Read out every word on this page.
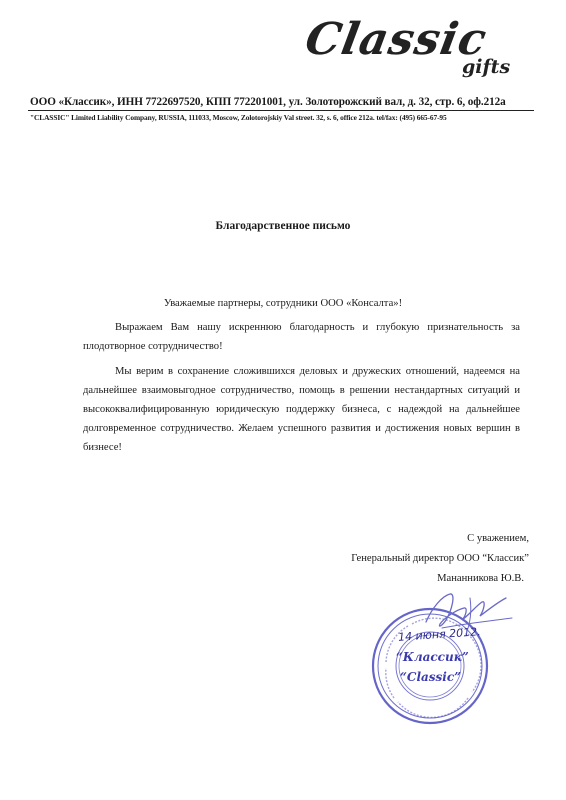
Classic
gifts
ООО «Классик», ИНН 7722697520, КПП 772201001, ул. Золоторожский вал, д. 32, стр. 6, оф.212а
"CLASSIC" Limited Liability Company, RUSSIA, 111033, Moscow, Zolotorojskiy Val street. 32, s. 6, office 212a. tel/fax: (495) 665-67-95
Благодарственное письмо
Уважаемые партнеры, сотрудники ООО «Консалта»!
Выражаем Вам нашу искреннюю благодарность и глубокую признательность за плодотворное сотрудничество!
Мы верим в сохранение сложившихся деловых и дружеских отношений, надеемся на дальнейшее взаимовыгодное сотрудничество, помощь в решении нестандартных ситуаций и высококвалифицированную юридическую поддержку бизнеса, с надеждой на дальнейшее долговременное сотрудничество. Желаем успешного развития и достижения новых вершин в бизнесе!
С уважением,
Генеральный директор ООО “Классик”
Мананникова Ю.В.
“Классик”
“Classic”
14 июня 2012.
